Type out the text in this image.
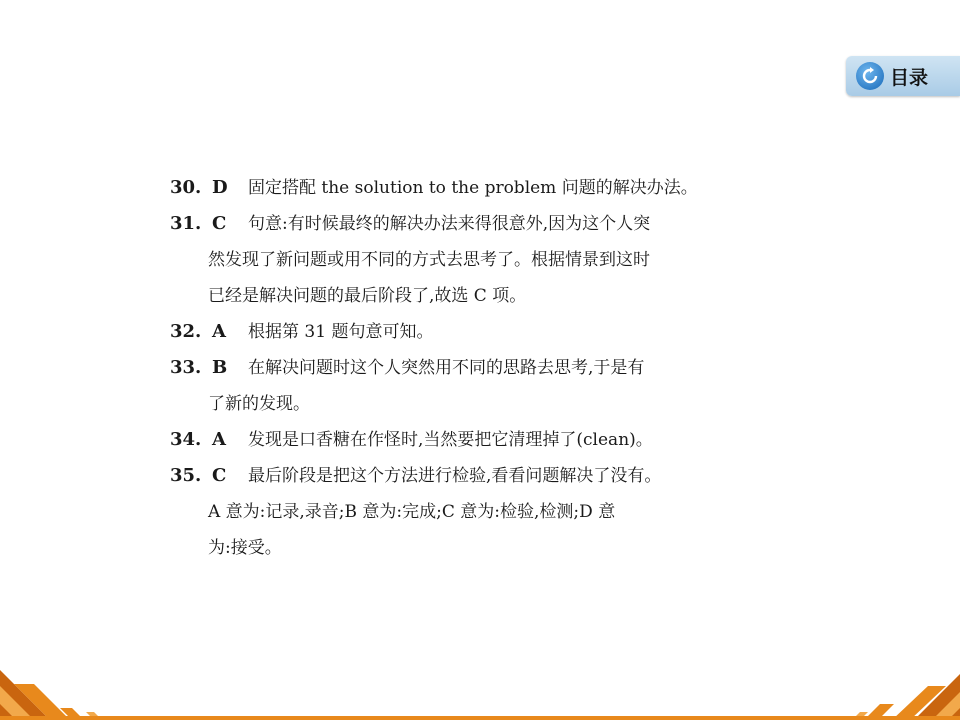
目录
30. D	固定搭配 the solution to the problem 问题的解决办法。
31. C	句意:有时候最终的解决办法来得很意外,因为这个人突
然发现了新问题或用不同的方式去思考了。根据情景到这时
已经是解决问题的最后阶段了,故选 C 项。
32. A	根据第 31 题句意可知。
33. B	在解决问题时这个人突然用不同的思路去思考,于是有
了新的发现。
34. A	发现是口香糖在作怪时,当然要把它清理掉了(clean)。
35. C	最后阶段是把这个方法进行检验,看看问题解决了没有。
A 意为:记录,录音;B 意为:完成;C 意为:检验,检测;D 意
为:接受。
